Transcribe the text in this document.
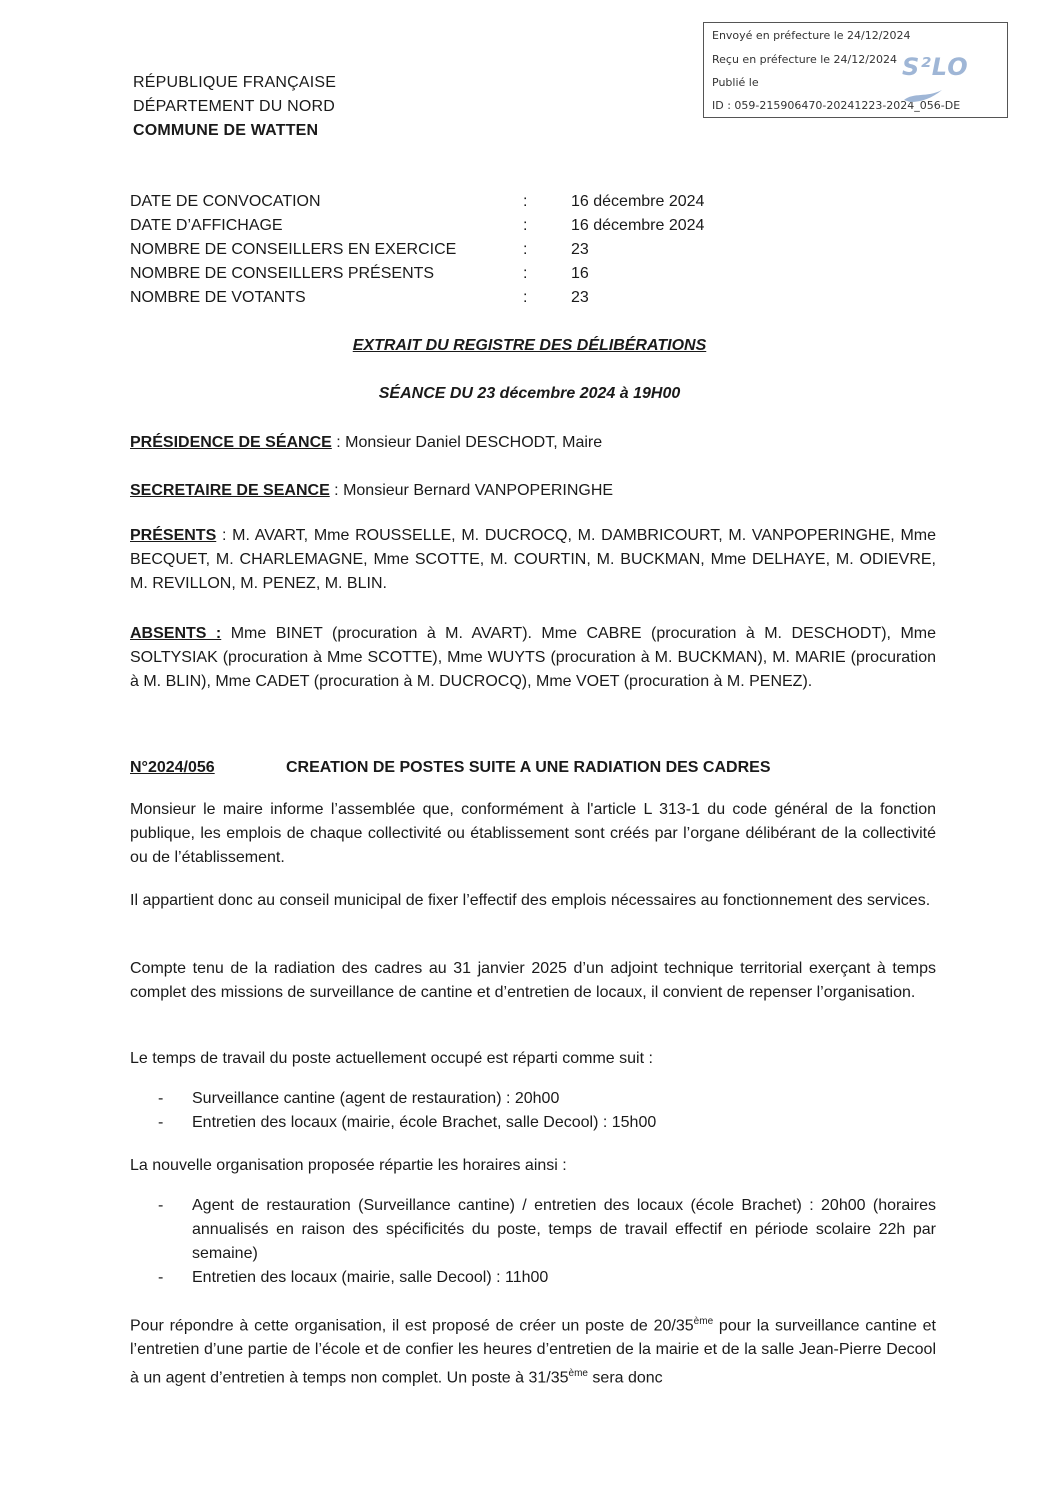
Envoyé en préfecture le 24/12/2024
Reçu en préfecture le 24/12/2024
Publié le
ID : 059-215906470-20241223-2024_056-DE
S²LO
RÉPUBLIQUE FRANÇAISE
DÉPARTEMENT DU NORD
COMMUNE DE WATTEN
DATE DE CONVOCATION	:	16 décembre 2024
DATE D’AFFICHAGE	:	16 décembre 2024
NOMBRE DE CONSEILLERS EN EXERCICE	:	23
NOMBRE DE CONSEILLERS PRÉSENTS	:	16
NOMBRE DE VOTANTS	:	23
EXTRAIT DU REGISTRE DES DÉLIBÉRATIONS
SÉANCE DU 23 décembre 2024 à 19H00
PRÉSIDENCE DE SÉANCE : Monsieur Daniel DESCHODT, Maire
SECRETAIRE DE SEANCE : Monsieur Bernard VANPOPERINGHE
PRÉSENTS : M. AVART, Mme ROUSSELLE, M. DUCROCQ, M. DAMBRICOURT, M. VANPOPERINGHE, Mme BECQUET, M. CHARLEMAGNE, Mme SCOTTE, M. COURTIN, M. BUCKMAN, Mme DELHAYE, M. ODIEVRE, M. REVILLON, M. PENEZ, M. BLIN.
ABSENTS : Mme BINET (procuration à M. AVART). Mme CABRE (procuration à M. DESCHODT), Mme SOLTYSIAK (procuration à Mme SCOTTE), Mme WUYTS (procuration à M. BUCKMAN), M. MARIE (procuration à M. BLIN), Mme CADET (procuration à M. DUCROCQ), Mme VOET (procuration à M. PENEZ).
N°2024/056	CREATION DE POSTES SUITE A UNE RADIATION DES CADRES
Monsieur le maire informe l’assemblée que, conformément à l'article L 313-1 du code général de la fonction publique, les emplois de chaque collectivité ou établissement sont créés par l’organe délibérant de la collectivité ou de l’établissement.
Il appartient donc au conseil municipal de fixer l’effectif des emplois nécessaires au fonctionnement des services.
Compte tenu de la radiation des cadres au 31 janvier 2025 d’un adjoint technique territorial exerçant à temps complet des missions de surveillance de cantine et d’entretien de locaux, il convient de repenser l’organisation.
Le temps de travail du poste actuellement occupé est réparti comme suit :
- Surveillance cantine (agent de restauration) : 20h00
- Entretien des locaux (mairie, école Brachet, salle Decool) : 15h00
La nouvelle organisation proposée répartie les horaires ainsi :
- Agent de restauration (Surveillance cantine) / entretien des locaux (école Brachet) : 20h00 (horaires annualisés en raison des spécificités du poste, temps de travail effectif en période scolaire 22h par semaine)
- Entretien des locaux (mairie, salle Decool) : 11h00
Pour répondre à cette organisation, il est proposé de créer un poste de 20/35ème pour la surveillance cantine et l’entretien d’une partie de l’école et de confier les heures d’entretien de la mairie et de la salle Jean-Pierre Decool à un agent d’entretien à temps non complet. Un poste à 31/35ème sera donc
